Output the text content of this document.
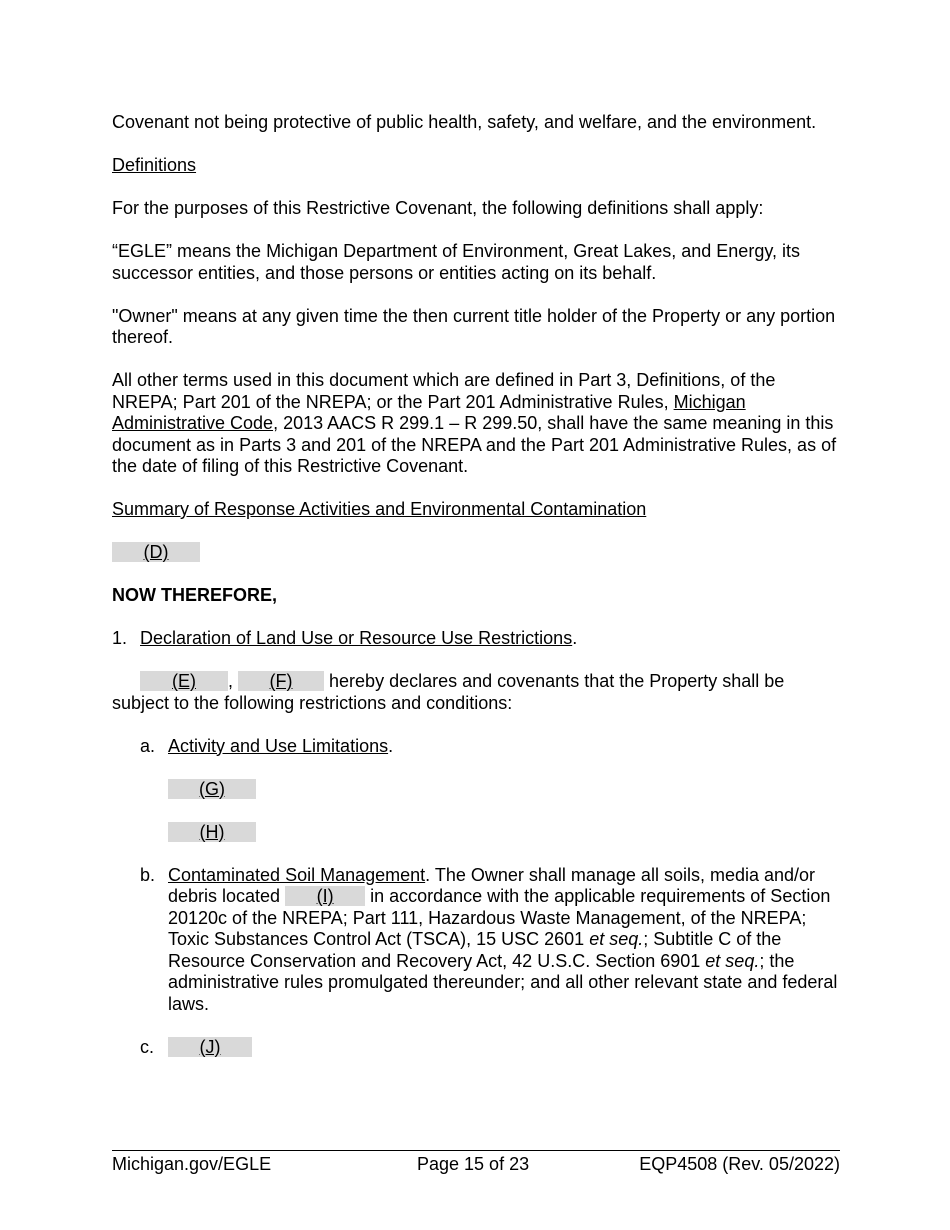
Covenant not being protective of public health, safety, and welfare, and the environment.

Definitions

For the purposes of this Restrictive Covenant, the following definitions shall apply:

“EGLE” means the Michigan Department of Environment, Great Lakes, and Energy, its successor entities, and those persons or entities acting on its behalf.

"Owner" means at any given time the then current title holder of the Property or any portion thereof.

All other terms used in this document which are defined in Part 3, Definitions, of the NREPA; Part 201 of the NREPA; or the Part 201 Administrative Rules, Michigan Administrative Code, 2013 AACS R 299.1 – R 299.50, shall have the same meaning in this document as in Parts 3 and 201 of the NREPA and the Part 201 Administrative Rules, as of the date of filing of this Restrictive Covenant.

Summary of Response Activities and Environmental Contamination

(D)

NOW THEREFORE,

1. Declaration of Land Use or Resource Use Restrictions.

(E) , (F) hereby declares and covenants that the Property shall be subject to the following restrictions and conditions:

a. Activity and Use Limitations.

(G)

(H)

b. Contaminated Soil Management. The Owner shall manage all soils, media and/or debris located (I) in accordance with the applicable requirements of Section 20120c of the NREPA; Part 111, Hazardous Waste Management, of the NREPA; Toxic Substances Control Act (TSCA), 15 USC 2601 et seq.; Subtitle C of the Resource Conservation and Recovery Act, 42 U.S.C. Section 6901 et seq.; the administrative rules promulgated thereunder; and all other relevant state and federal laws.

c.	(J)

Michigan.gov/EGLE	Page 15 of 23	EQP4508 (Rev. 05/2022)
